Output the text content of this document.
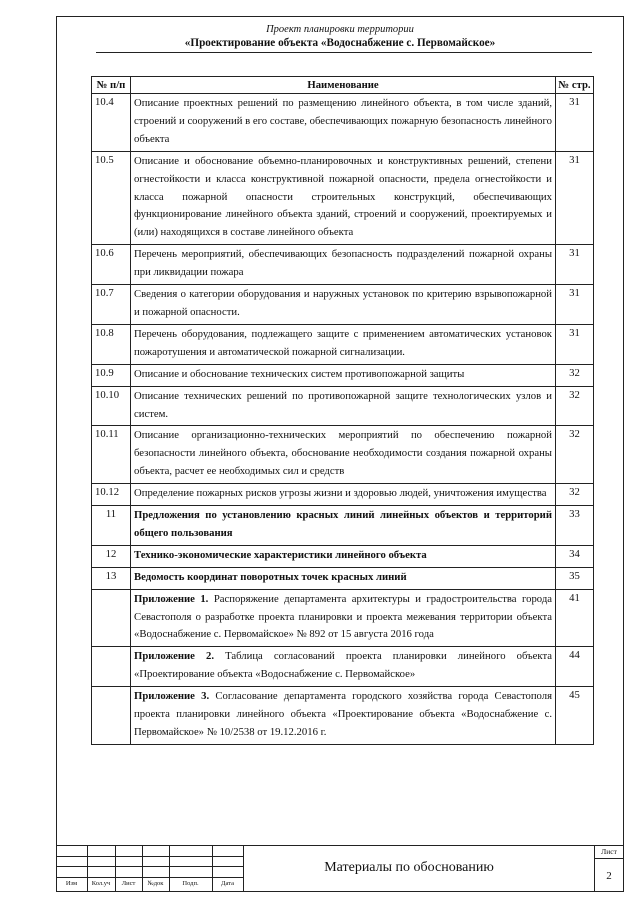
Проект планировки территории
«Проектирование объекта «Водоснабжение с. Первомайское»
№ п/п	Наименование	№ стр.
10.4	Описание проектных решений по размещению линейного объекта, в том числе зданий, строений и сооружений в его составе, обеспечивающих пожарную безопасность линейного объекта	31
10.5	Описание и обоснование объемно-планировочных и конструктивных решений, степени огнестойкости и класса конструктивной пожарной опасности, предела огнестойкости и класса пожарной опасности строительных конструкций, обеспечивающих функционирование линейного объекта зданий, строений и сооружений, проектируемых и (или) находящихся в составе линейного объекта	31
10.6	Перечень мероприятий, обеспечивающих безопасность подразделений пожарной охраны при ликвидации пожара	31
10.7	Сведения о категории оборудования и наружных установок по критерию взрывопожарной и пожарной опасности.	31
10.8	Перечень оборудования, подлежащего защите с применением автоматических установок пожаротушения и автоматической пожарной сигнализации.	31
10.9	Описание и обоснование технических систем противопожарной защиты	32
10.10	Описание технических решений по противопожарной защите технологических узлов и систем.	32
10.11	Описание организационно-технических мероприятий по обеспечению пожарной безопасности линейного объекта, обоснование необходимости создания пожарной охраны объекта, расчет ее необходимых сил и средств	32
10.12	Определение пожарных рисков угрозы жизни и здоровью людей, уничтожения имущества	32
11	Предложения по установлению красных линий линейных объектов и территорий общего пользования	33
12	Технико-экономические характеристики линейного объекта	34
13	Ведомость координат поворотных точек красных линий	35
	Приложение 1. Распоряжение департамента архитектуры и градостроительства города Севастополя о разработке проекта планировки и проекта межевания территории объекта «Водоснабжение с. Первомайское» № 892 от 15 августа 2016 года	41
	Приложение 2. Таблица согласований проекта планировки линейного объекта «Проектирование объекта «Водоснабжение с. Первомайское»	44
	Приложение 3. Согласование департамента городского хозяйства города Севастополя проекта планировки линейного объекта «Проектирование объекта «Водоснабжение с. Первомайское» № 10/2538 от 19.12.2016 г.	45
Изм	Кол.уч	Лист	№док	Подп.	Дата
Материалы по обоснованию
Лист
2
